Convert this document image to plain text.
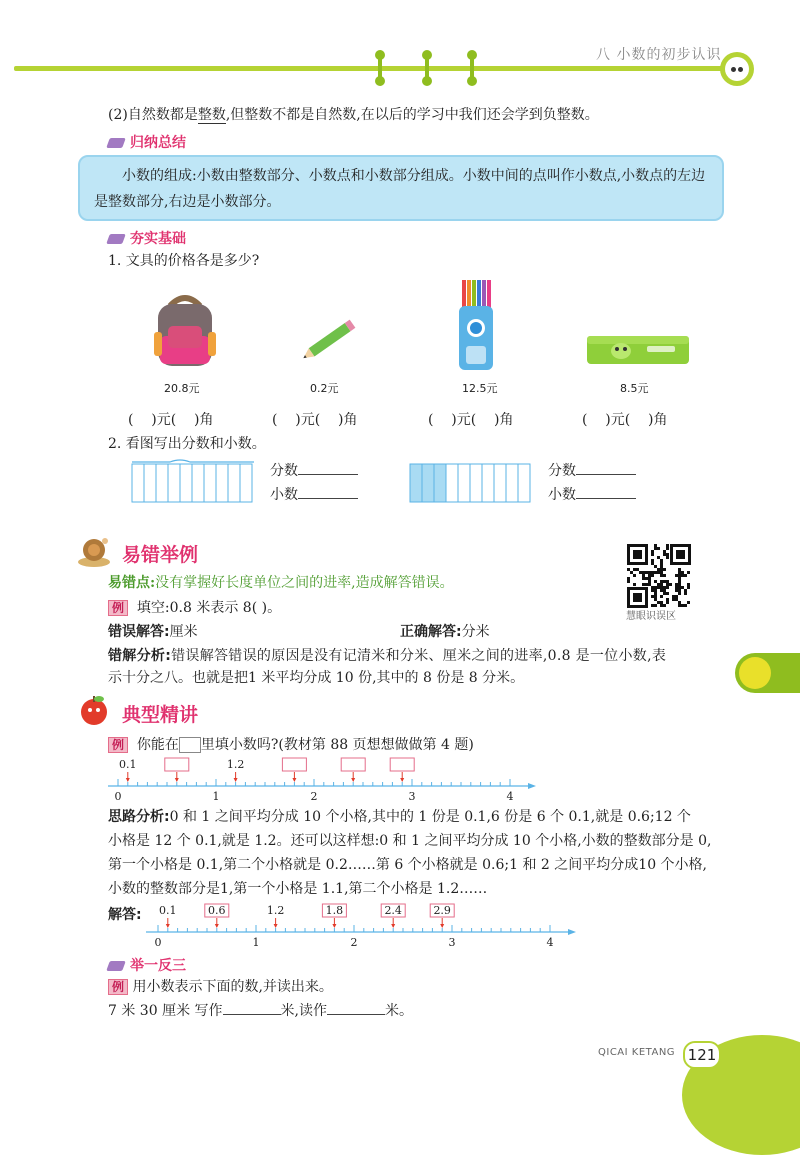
八 小数的初步认识
(2)自然数都是整数,但整数不都是自然数,在以后的学习中我们还会学到负整数。
归纳总结

小数的组成:小数由整数部分、小数点和小数部分组成。小数中间的点叫作小数点,小数点的左边是整数部分,右边是小数部分。

夯实基础
1. 文具的价格各是多少?
20.8元	0.2元	12.5元	8.5元
(    )元(    )角	(    )元(    )角	(    )元(    )角	(    )元(    )角
2. 看图写出分数和小数。
分数
小数
分数
小数
易错举例
易错点:没有掌握好长度单位之间的进率,造成解答错误。
慧眼识误区
例 填空:0.8 米表示 8( )。
错误解答:厘米	正确解答:分米
错解分析:错误解答错误的原因是没有记清米和分米、厘米之间的进率,0.8 是一位小数,表
示十分之八。也就是把1 米平均分成 10 份,其中的 8 份是 8 分米。
典型精讲
例 你能在 里填小数吗?(教材第 88 页想想做做第 4 题)
0	1	2	3	4
0.1	1.2
思路分析:0 和 1 之间平均分成 10 个小格,其中的 1 份是 0.1,6 份是 6 个 0.1,就是 0.6;12 个
小格是 12 个 0.1,就是 1.2。还可以这样想:0 和 1 之间平均分成 10 个小格,小数的整数部分是 0,
第一个小格是 0.1,第二个小格就是 0.2……第 6 个小格就是 0.6;1 和 2 之间平均分成10 个小格,
小数的整数部分是1,第一个小格是 1.1,第二个小格是 1.2……
解答:
0	1	2	3	4
0.1	0.6	1.2	1.8	2.4	2.9
举一反三
例 用小数表示下面的数,并读出来。
7 米 30 厘米 写作	米,读作	米。
QICAI KETANG 121
